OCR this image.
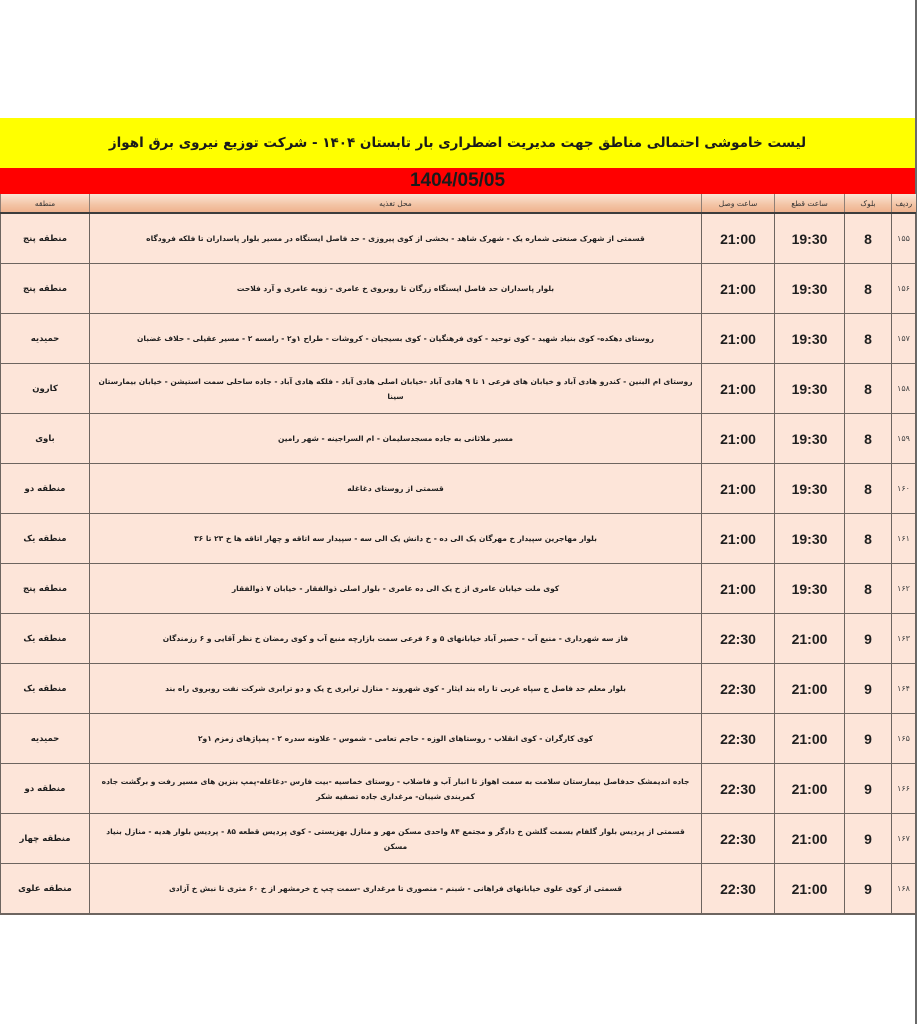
لیست خاموشی احتمالی مناطق جهت مدیریت اضطراری بار تابستان ۱۴۰۴ - شرکت توزیع نیروی برق اهواز
1404/05/05
ردیف	بلوک	ساعت قطع	ساعت وصل	محل تغذیه	منطقه
۱۵۵	8	19:30	21:00	قسمتی از شهرک صنعتی شماره یک - شهرک شاهد - بخشی از کوی پیروزی - حد فاصل ایستگاه در مسیر بلوار پاسداران تا فلکه فرودگاه	منطقه پنج
۱۵۶	8	19:30	21:00	بلوار پاسداران حد فاصل ایستگاه زرگان تا روبروی خ عامری - زویه عامری و آرد فلاحت	منطقه پنج
۱۵۷	8	19:30	21:00	روستای دهکده- کوی بنیاد شهید - کوی توحید - کوی فرهنگیان - کوی بسیجیان - کروشات - طراح ۱و۲ - رامسه ۲ - مسیر عقیلی - حلاف غضبان	حمیدیه
۱۵۸	8	19:30	21:00	روستای ام البنین - کندرو هادی آباد و خیابان های فرعی ۱ تا ۹ هادی آباد -خیابان اصلی هادی آباد - فلکه هادی آباد - جاده ساحلی سمت استیشن - خیابان بیمارستان سینا	کارون
۱۵۹	8	19:30	21:00	مسیر ملاثانی به جاده مسجدسلیمان - ام السراجینه - شهر رامین	باوی
۱۶۰	8	19:30	21:00	قسمتی از روستای دغاغله	منطقه دو
۱۶۱	8	19:30	21:00	بلوار مهاجرین سپیدار خ مهرگان یک الی ده - خ دانش یک الی سه - سپیدار سه اتاقه و چهار اتاقه ها خ ۲۳ تا ۳۶	منطقه یک
۱۶۲	8	19:30	21:00	کوی ملت خیابان عامری از خ یک الی ده عامری - بلوار اصلی ذوالفقار - خیابان ۷ ذوالفقار	منطقه پنج
۱۶۳	9	21:00	22:30	فاز سه شهرداری - منبع آب - حصیر آباد خیابانهای ۵ و ۶ فرعی سمت بازارچه منبع آب و کوی رمضان خ نظر آقایی و ۶ رزمندگان	منطقه یک
۱۶۴	9	21:00	22:30	بلوار معلم حد فاصل خ سپاه غربی تا راه بند ایثار - کوی شهروند - منازل ترابری خ یک و دو ترابری شرکت نفت روبروی راه بند	منطقه یک
۱۶۵	9	21:00	22:30	کوی کارگران - کوی انقلاب - روستاهای الوزه - حاجم تعامی - شموس - علاونه سدره ۲ - پمپاژهای زمزم ۱و۲	حمیدیه
۱۶۶	9	21:00	22:30	جاده اندیمشک حدفاصل بیمارستان سلامت به سمت اهواز تا انبار آب و فاضلاب - روستای خماسیه -بیت فارس -دغاغله-پمپ بنزین های مسیر رفت و برگشت جاده کمربندی شیبان- مرغداری جاده تصفیه شکر	منطقه دو
۱۶۷	9	21:00	22:30	قسمتی از پردیس بلوار گلفام بسمت گلشن خ دادگر و مجتمع ۸۴ واحدی مسکن مهر و منازل بهزیستی - کوی پردیس قطعه ۸۵ - پردیس بلوار هدیه - منازل بنیاد مسکن	منطقه چهار
۱۶۸	9	21:00	22:30	قسمتی از کوی علوی خیابانهای فراهانی - شبنم - منصوری تا مرغداری -سمت چپ خ خرمشهر از خ ۶۰ متری تا نبش خ آزادی	منطقه علوی
